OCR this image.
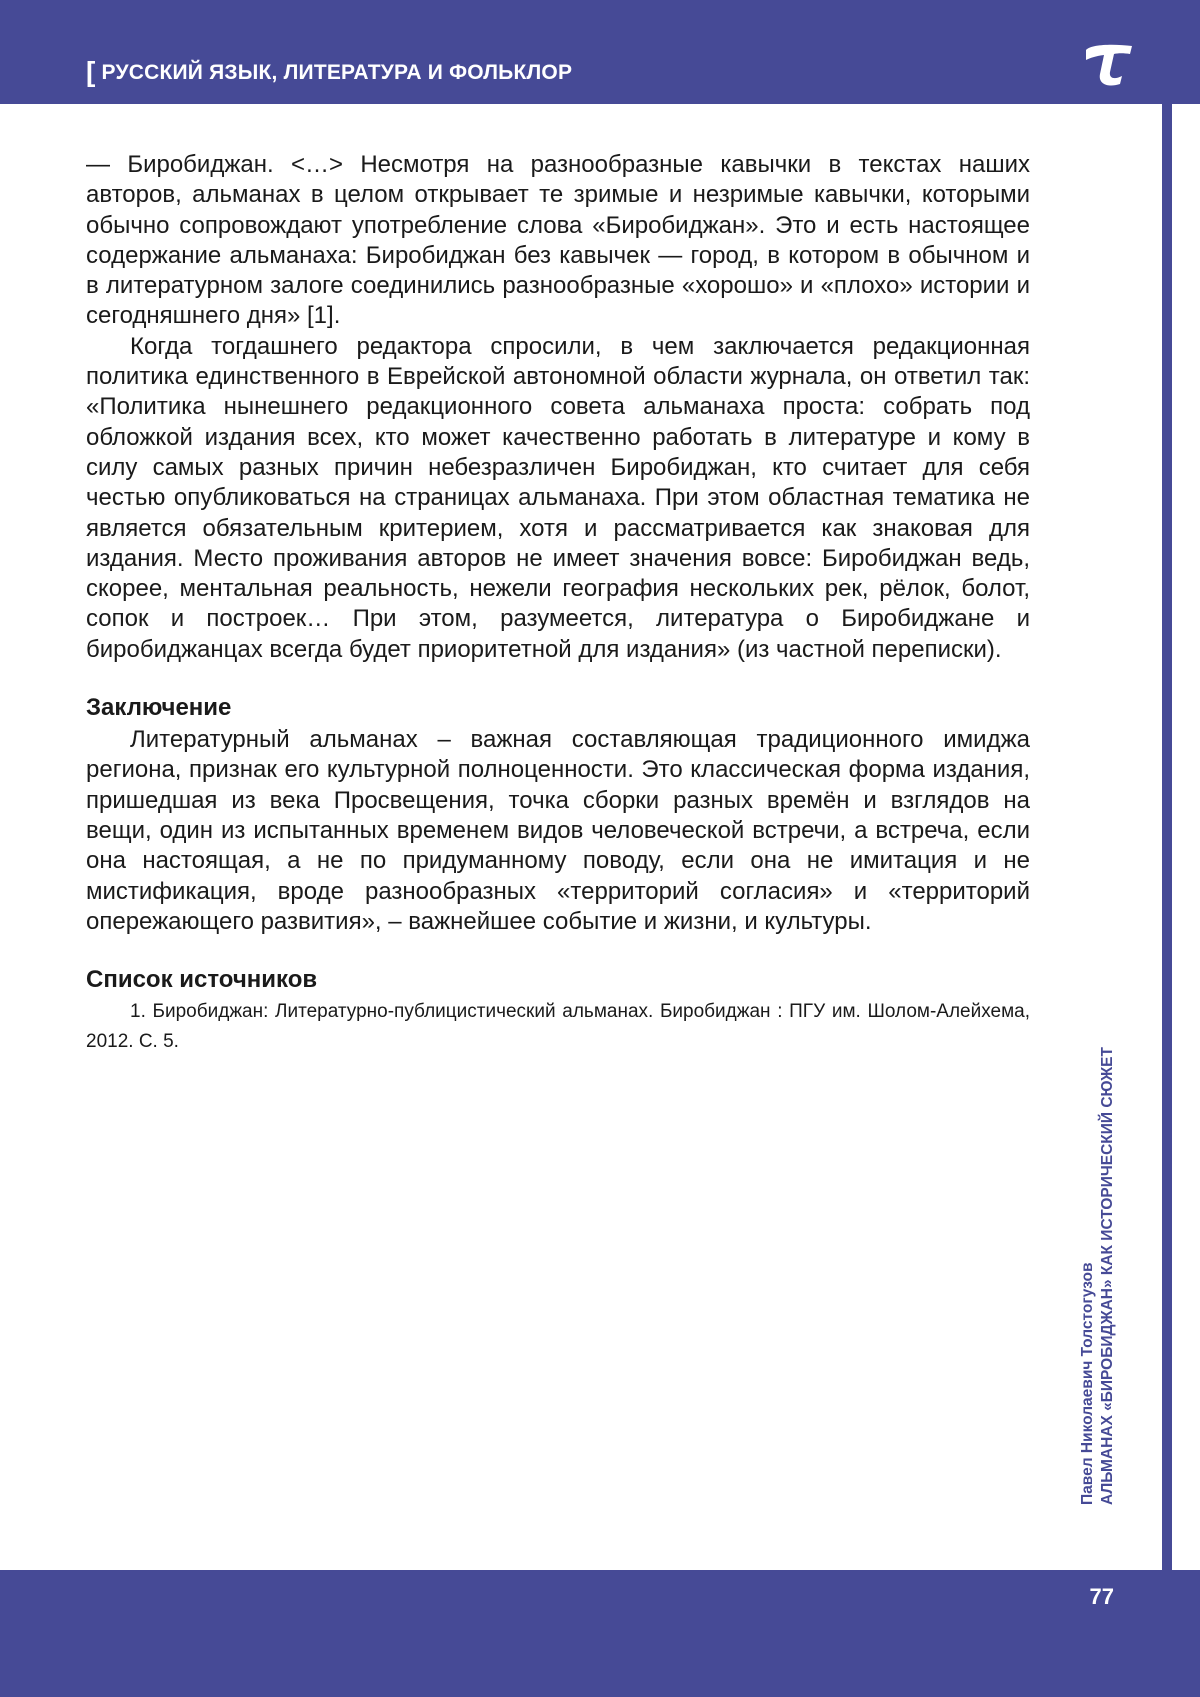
[ РУССКИЙ ЯЗЫК, ЛИТЕРАТУРА И ФОЛЬКЛОР
Павел Николаевич Толстогузов АЛЬМАНАХ «БИРОБИДЖАН» КАК ИСТОРИЧЕСКИЙ СЮЖЕТ

— Биробиджан. <…> Несмотря на разнообразные кавычки в текстах наших авторов, альманах в целом открывает те зримые и незримые кавычки, которыми обычно сопровождают употребление слова «Биробиджан». Это и есть настоящее содержание альманаха: Биробиджан без кавычек — город, в котором в обычном и в литературном залоге соединились разнообразные «хорошо» и «плохо» истории и сегодняшнего дня» [1].

Когда тогдашнего редактора спросили, в чем заключается редакционная политика единственного в Еврейской автономной области журнала, он ответил так: «Политика нынешнего редакционного совета альманаха проста: собрать под обложкой издания всех, кто может качественно работать в литературе и кому в силу самых разных причин небезразличен Биробиджан, кто считает для себя честью опубликоваться на страницах альманаха. При этом областная тематика не является обязательным критерием, хотя и рассматривается как знаковая для издания. Место проживания авторов не имеет значения вовсе: Биробиджан ведь, скорее, ментальная реальность, нежели география нескольких рек, рёлок, болот, сопок и построек… При этом, разумеется, литература о Биробиджане и биробиджанцах всегда будет приоритетной для издания» (из частной переписки).

Заключение

Литературный альманах – важная составляющая традиционного имиджа региона, признак его культурной полноценности. Это классическая форма издания, пришедшая из века Просвещения, точка сборки разных времён и взглядов на вещи, один из испытанных временем видов человеческой встречи, а встреча, если она настоящая, а не по придуманному поводу, если она не имитация и не мистификация, вроде разнообразных «территорий согласия» и «территорий опережающего развития», – важнейшее событие и жизни, и культуры.

Список источников

1. Биробиджан: Литературно-публицистический альманах. Биробиджан : ПГУ им. Шолом-Алейхема, 2012. С. 5.

77
